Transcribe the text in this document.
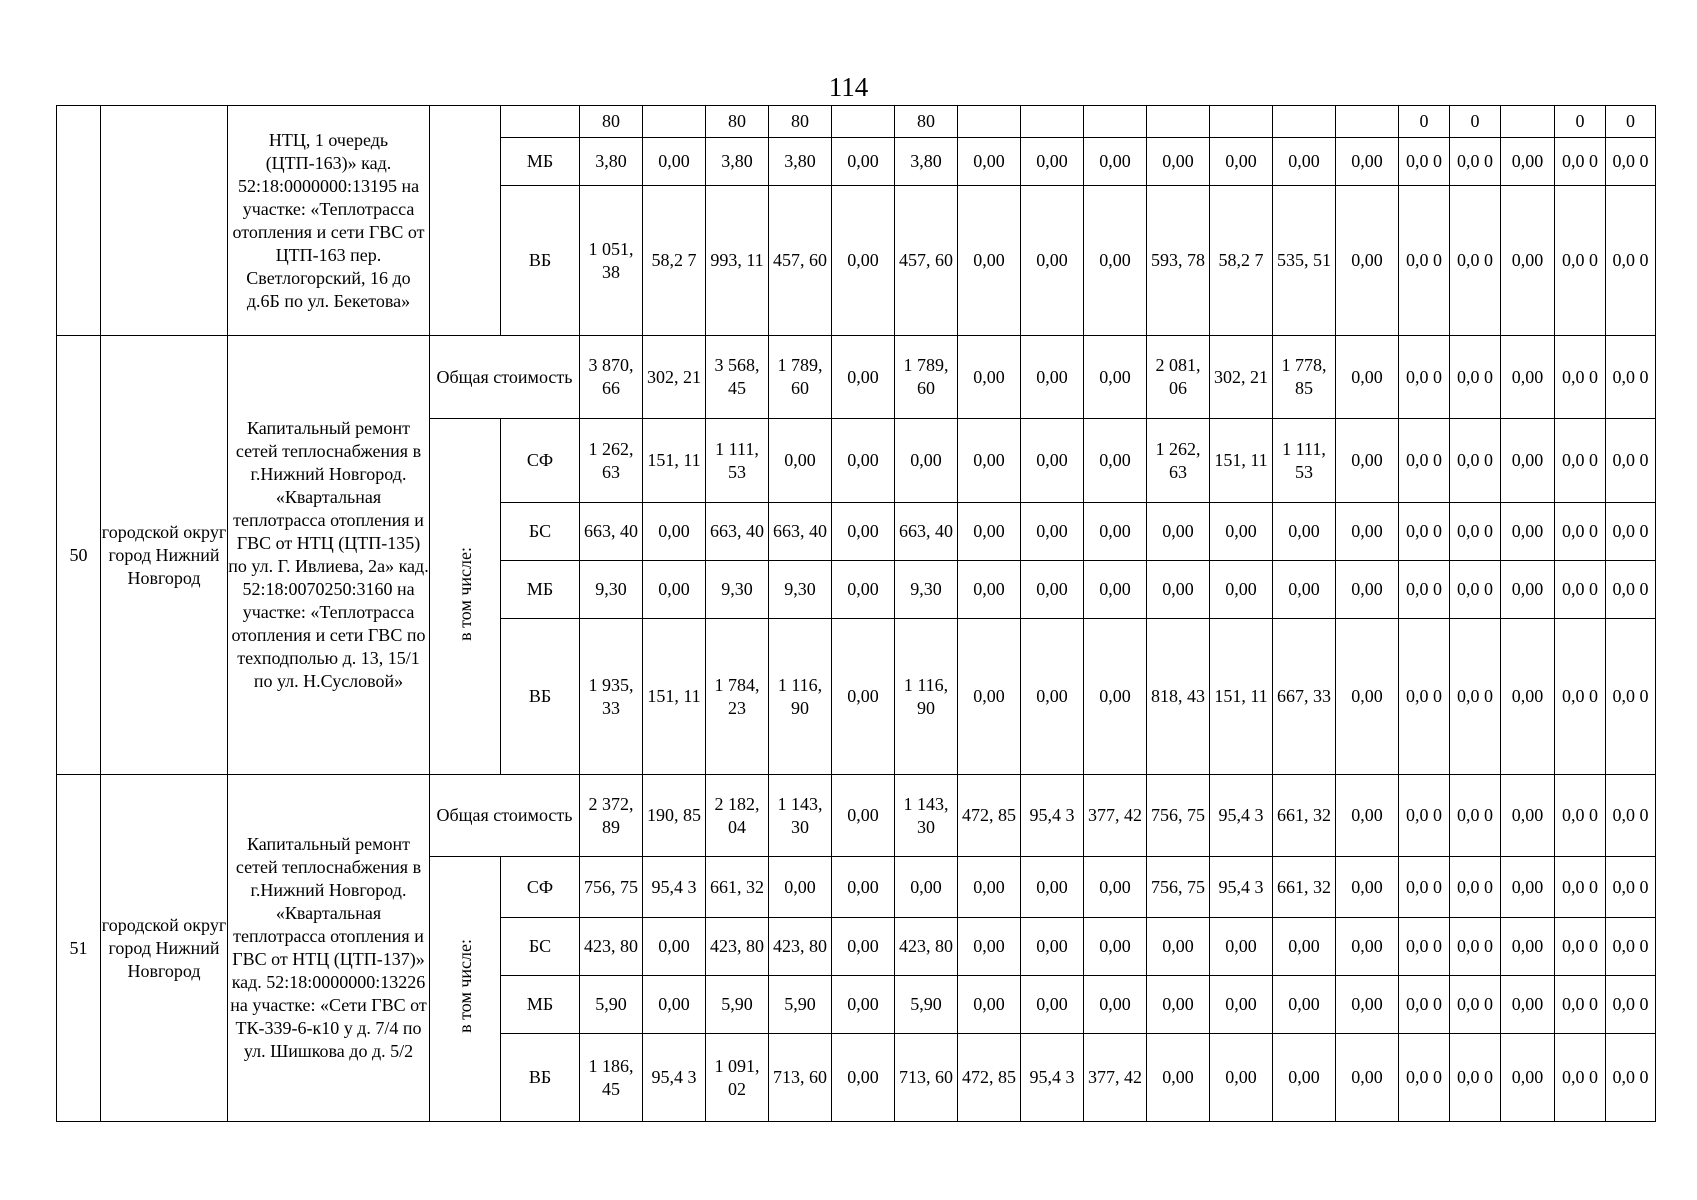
114
		НТЦ, 1 очередь (ЦТП-163)» кад. 52:18:0000000:13195 на участке: «Теплотрасса отопления и сети ГВС от ЦТП-163 пер. Светлогорский, 16 до д.6Б по ул. Бекетова»			80		80	80		80								0	0		0	0
				МБ	3,80	0,00	3,80	3,80	0,00	3,80	0,00	0,00	0,00	0,00	0,00	0,00	0,00	0,0 0	0,0 0	0,00	0,0 0	0,0 0
				ВБ	1 051, 38	58,2 7	993, 11	457, 60	0,00	457, 60	0,00	0,00	0,00	593, 78	58,2 7	535, 51	0,00	0,0 0	0,0 0	0,00	0,0 0	0,0 0
50	городской округ город Нижний Новгород	Капитальный ремонт сетей теплоснабжения в г.Нижний Новгород. «Квартальная теплотрасса отопления и ГВС от НТЦ (ЦТП-135) по ул. Г. Ивлиева, 2а» кад. 52:18:0070250:3160 на участке: «Теплотрасса отопления и сети ГВС по техподполью д. 13, 15/1 по ул. Н.Сусловой»	Общая стоимость		3 870, 66	302, 21	3 568, 45	1 789, 60	0,00	1 789, 60	0,00	0,00	0,00	2 081, 06	302, 21	1 778, 85	0,00	0,0 0	0,0 0	0,00	0,0 0	0,0 0
			в том числе:	СФ	1 262, 63	151, 11	1 111, 53	0,00	0,00	0,00	0,00	0,00	0,00	1 262, 63	151, 11	1 111, 53	0,00	0,0 0	0,0 0	0,00	0,0 0	0,0 0
				БС	663, 40	0,00	663, 40	663, 40	0,00	663, 40	0,00	0,00	0,00	0,00	0,00	0,00	0,00	0,0 0	0,0 0	0,00	0,0 0	0,0 0
				МБ	9,30	0,00	9,30	9,30	0,00	9,30	0,00	0,00	0,00	0,00	0,00	0,00	0,00	0,0 0	0,0 0	0,00	0,0 0	0,0 0
				ВБ	1 935, 33	151, 11	1 784, 23	1 116, 90	0,00	1 116, 90	0,00	0,00	0,00	818, 43	151, 11	667, 33	0,00	0,0 0	0,0 0	0,00	0,0 0	0,0 0
51	городской округ город Нижний Новгород	Капитальный ремонт сетей теплоснабжения в г.Нижний Новгород. «Квартальная теплотрасса отопления и ГВС от НТЦ (ЦТП-137)» кад. 52:18:0000000:13226 на участке: «Сети ГВС от ТК-339-6-к10 у д. 7/4 по ул. Шишкова до д. 5/2	Общая стоимость		2 372, 89	190, 85	2 182, 04	1 143, 30	0,00	1 143, 30	472, 85	95,4 3	377, 42	756, 75	95,4 3	661, 32	0,00	0,0 0	0,0 0	0,00	0,0 0	0,0 0
			в том числе:	СФ	756, 75	95,4 3	661, 32	0,00	0,00	0,00	0,00	0,00	0,00	756, 75	95,4 3	661, 32	0,00	0,0 0	0,0 0	0,00	0,0 0	0,0 0
				БС	423, 80	0,00	423, 80	423, 80	0,00	423, 80	0,00	0,00	0,00	0,00	0,00	0,00	0,00	0,0 0	0,0 0	0,00	0,0 0	0,0 0
				МБ	5,90	0,00	5,90	5,90	0,00	5,90	0,00	0,00	0,00	0,00	0,00	0,00	0,00	0,0 0	0,0 0	0,00	0,0 0	0,0 0
				ВБ	1 186, 45	95,4 3	1 091, 02	713, 60	0,00	713, 60	472, 85	95,4 3	377, 42	0,00	0,00	0,00	0,00	0,0 0	0,0 0	0,00	0,0 0	0,0 0
